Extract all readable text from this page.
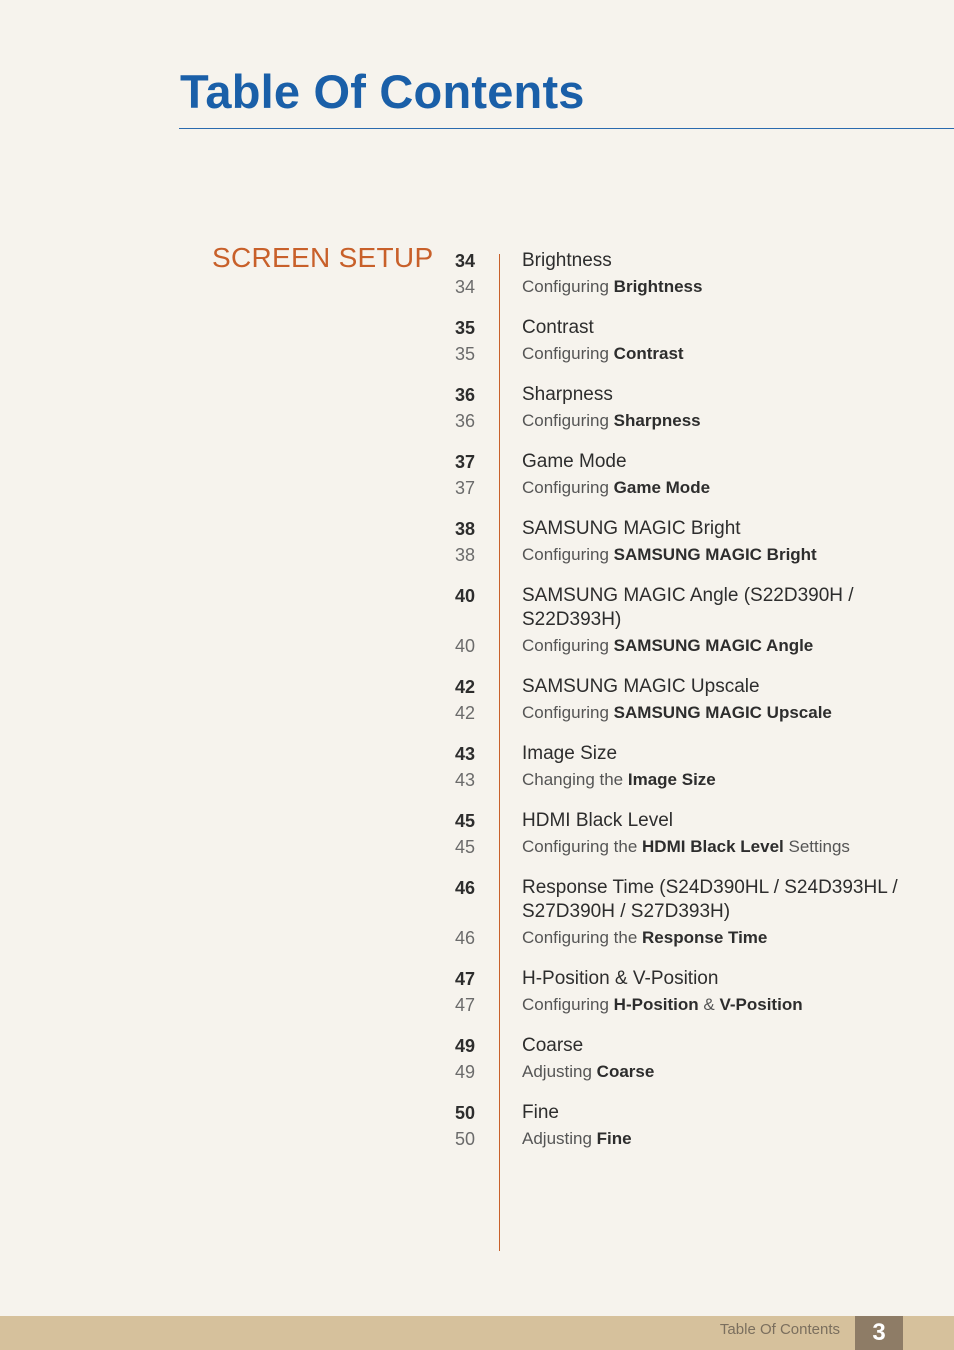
Table Of Contents
SCREEN SETUP	34 Brightness
34	Configuring Brightness
35 Contrast
35	Configuring Contrast
36 Sharpness
36	Configuring Sharpness
37 Game Mode
37	Configuring Game Mode
38 SAMSUNG MAGIC Bright
38	Configuring SAMSUNG MAGIC Bright
40 SAMSUNG MAGIC Angle (S22D390H / S22D393H)
40	Configuring SAMSUNG MAGIC Angle
42 SAMSUNG MAGIC Upscale
42	Configuring SAMSUNG MAGIC Upscale
43 Image Size
43	Changing the Image Size
45 HDMI Black Level
45	Configuring the HDMI Black Level Settings
46 Response Time (S24D390HL / S24D393HL / S27D390H / S27D393H)
46	Configuring the Response Time
47 H-Position & V-Position
47	Configuring H-Position & V-Position
49 Coarse
49	Adjusting Coarse
50 Fine
50	Adjusting Fine
Table Of Contents	3
